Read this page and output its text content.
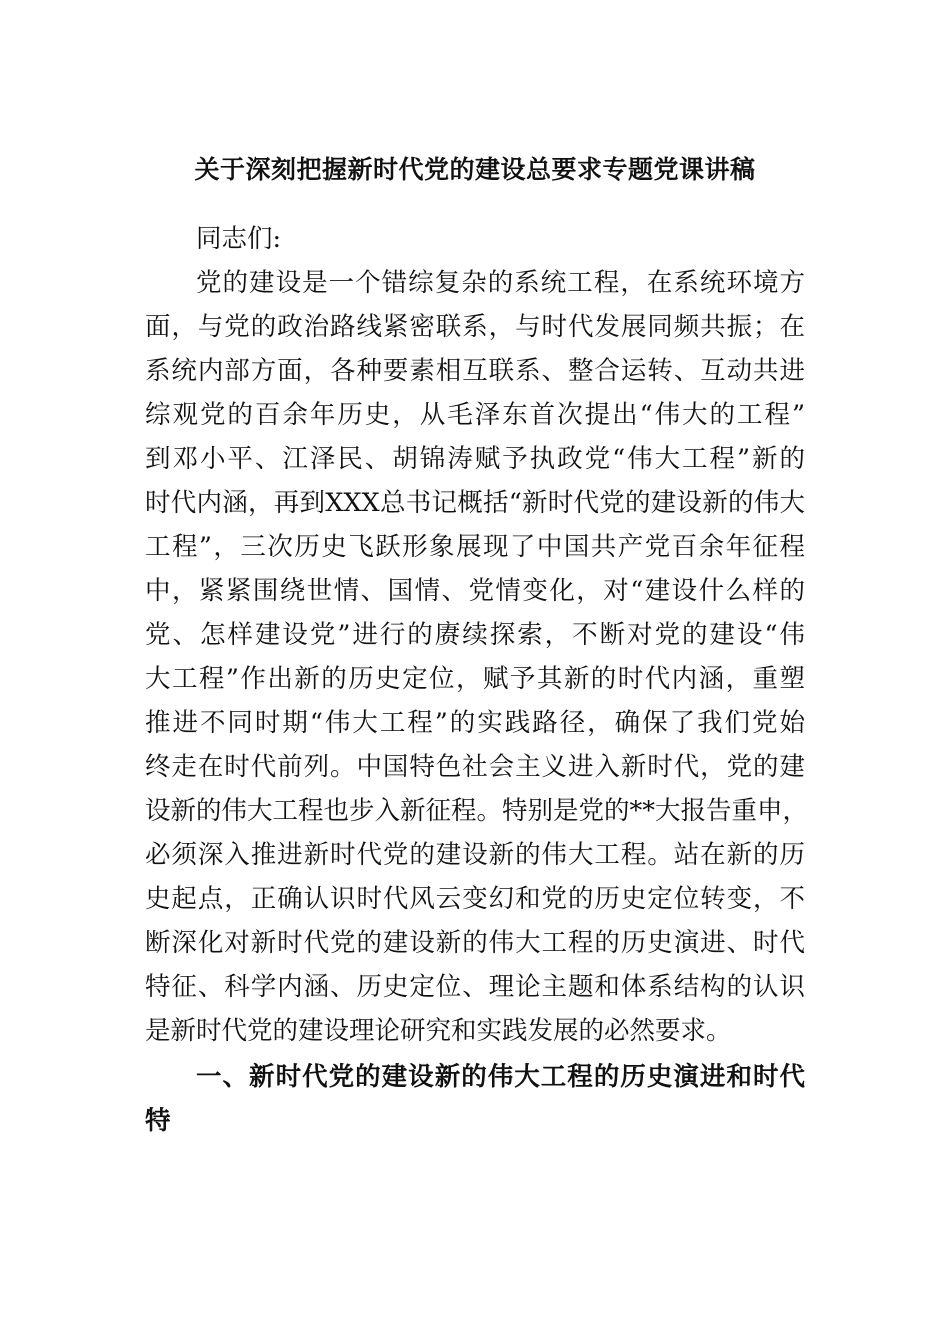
关于深刻把握新时代党的建设总要求专题党课讲稿
同志们:
党的建设是一个错综复杂的系统工程，在系统环境方
面，与党的政治路线紧密联系，与时代发展同频共振；在
系统内部方面，各种要素相互联系、整合运转、互动共进
综观党的百余年历史，从毛泽东首次提出“伟大的工程”
到邓小平、江泽民、胡锦涛赋予执政党“伟大工程”新的
时代内涵，再到XXX总书记概括“新时代党的建设新的伟大
工程”，三次历史飞跃形象展现了中国共产党百余年征程
中，紧紧围绕世情、国情、党情变化，对“建设什么样的
党、怎样建设党”进行的赓续探索，不断对党的建设“伟
大工程”作出新的历史定位，赋予其新的时代内涵，重塑
推进不同时期“伟大工程”的实践路径，确保了我们党始
终走在时代前列。中国特色社会主义进入新时代，党的建
设新的伟大工程也步入新征程。特别是党的**大报告重申，
必须深入推进新时代党的建设新的伟大工程。站在新的历
史起点，正确认识时代风云变幻和党的历史定位转变，不
断深化对新时代党的建设新的伟大工程的历史演进、时代
特征、科学内涵、历史定位、理论主题和体系结构的认识
是新时代党的建设理论研究和实践发展的必然要求。
一、新时代党的建设新的伟大工程的历史演进和时代
特
